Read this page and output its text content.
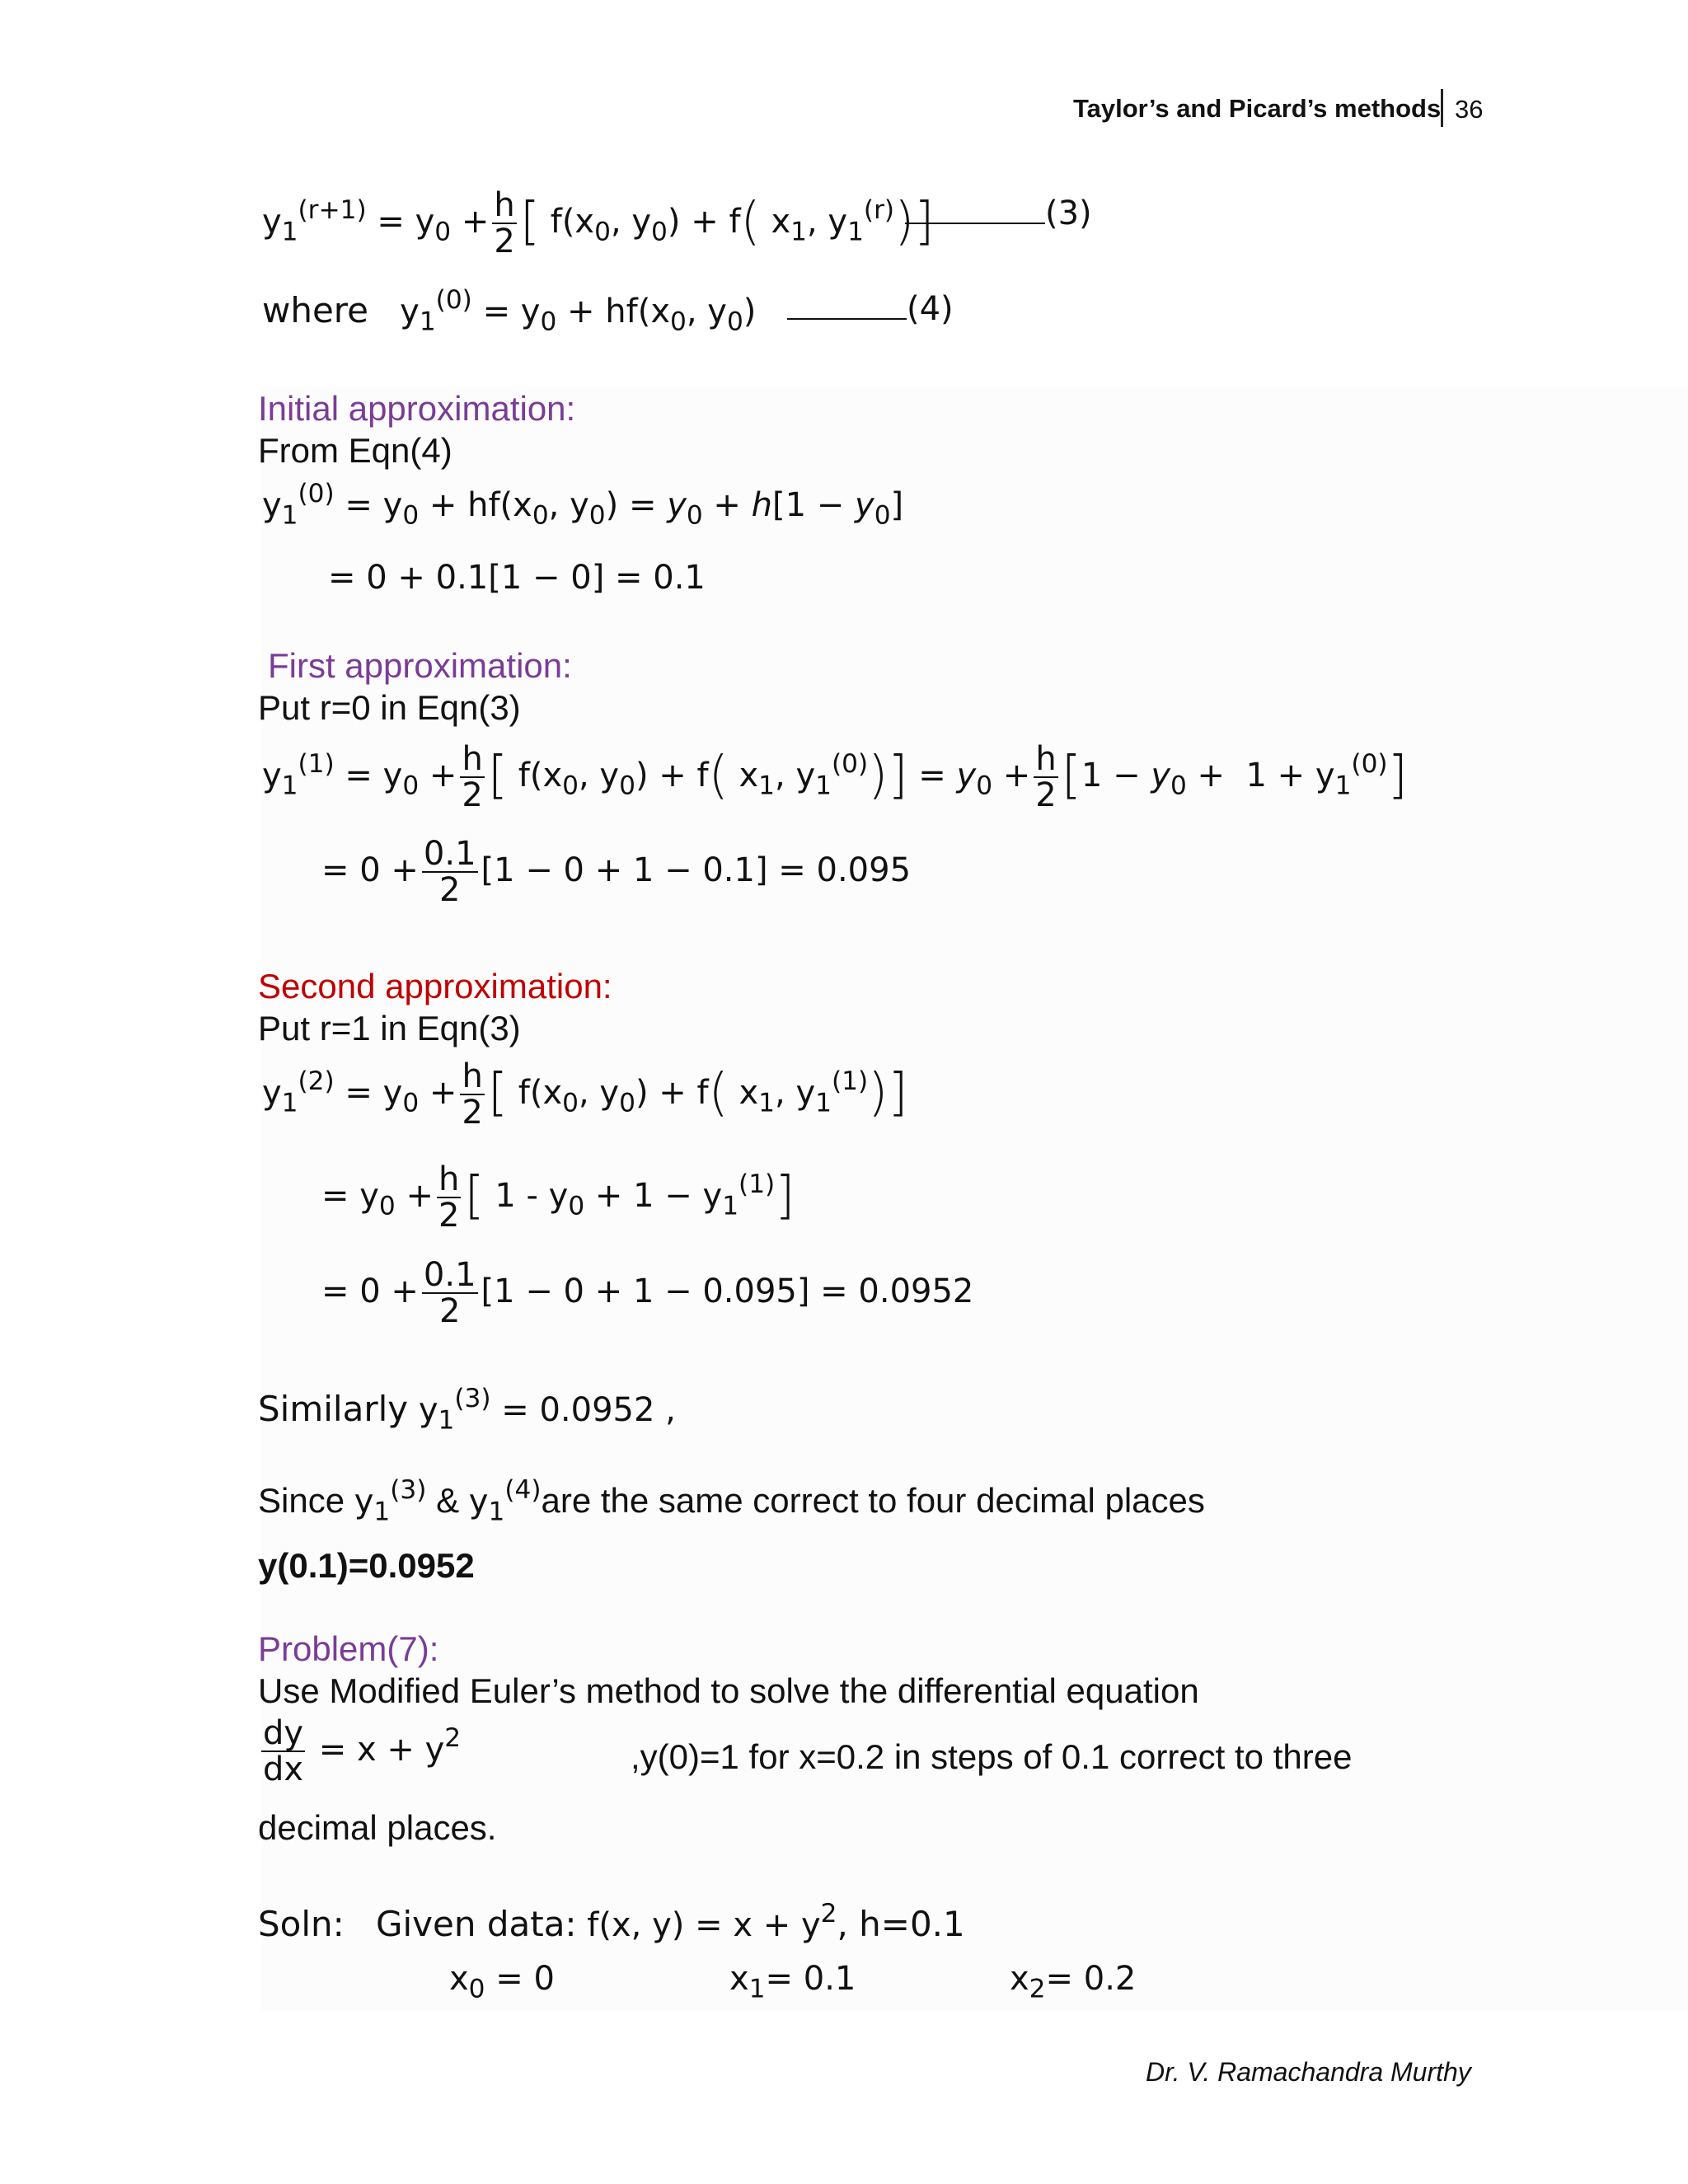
Taylor’s and Picard’s methods 36
$y_1^{(r+1)} = y_0 + \frac{h}{2}$ [ $f(x_0$, $y_0) + f$( $x_1$, $y_1^{(r)}$)]	(3)
where   $y_1^{(0)} = y_0 + hf(x_0$, $y_0$)	(4)
Initial approximation:
From Eqn(4)
$y_1^{(0)} = y_0 + hf(x_0$, $y_0) = y_0 + h[1 - y_0]$
= 0 + 0.1[1 − 0] = 0.1
First approximation:
Put r=0 in Eqn(3)
$y_1^{(1)} = y_0 + \frac{h}{2}$ [ $f(x_0$, $y_0) + f$( $x_1$, $y_1^{(0)})] = y_0 + \frac{h}{2} [1 - y_0 + 1 + y_1^{(0)}]$
= $0 + \frac{0.1}{2} [1 - 0 + 1 - 0.1] = 0.095$
Second approximation:
Put r=1 in Eqn(3)
$y_1^{(2)} = y_0 + \frac{h}{2}$ [ $f(x_0$, $y_0) + f$( $x_1$, $y_1^{(1)}$)]
= $y_0 + \frac{h}{2}$ [ $1 - y_0 + 1 - y_1^{(1)}$]
= $0 + \frac{0.1}{2} [1 - 0 + 1 - 0.095] = 0.0952$
Similarly $y_1^{(3)} = 0.0952$ ,
Since $y_1^{(3)}$ & $y_1^{(4)}are$ the same correct to four decimal places
y(0.1)=0.0952
Problem(7):
Use Modified Euler’s method to solve the differential equation
$\frac{dy}{dx} = x + y^2$	,y(0)=1 for x=0.2 in steps of 0.1 correct to three
decimal places.
Soln: Given data: f(x, $y) = x + y^2$, h=0.1
$x_0 = 0$	$x_1= 0.1$	$x_2= 0.2$
Dr. V. Ramachandra Murthy
